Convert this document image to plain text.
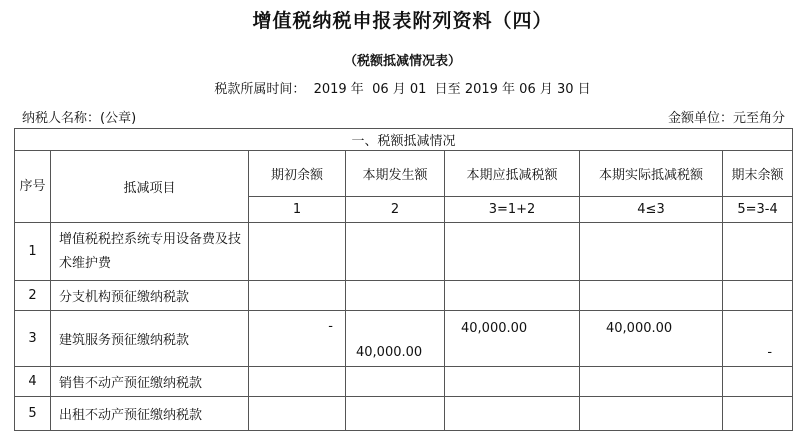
增值税纳税申报表附列资料（四）
（税额抵减情况表）
税款所属时间：  2019 年  06 月 01  日至 2019 年 06 月 30 日
纳税人名称：(公章)	金额单位：元至角分
一、税额抵减情况						
序号	抵减项目	期初余额	本期发生额	本期应抵减税额	本期实际抵减税额	期末余额
		1	2	3=1+2	4≤3	5=3-4
1	增值税税控系统专用设备费及技术维护费					
2	分支机构预征缴纳税款					
3	建筑服务预征缴纳税款	-	40,000.00	40,000.00	40,000.00	-

4	销售不动产预征缴纳税款					
5	出租不动产预征缴纳税款					
